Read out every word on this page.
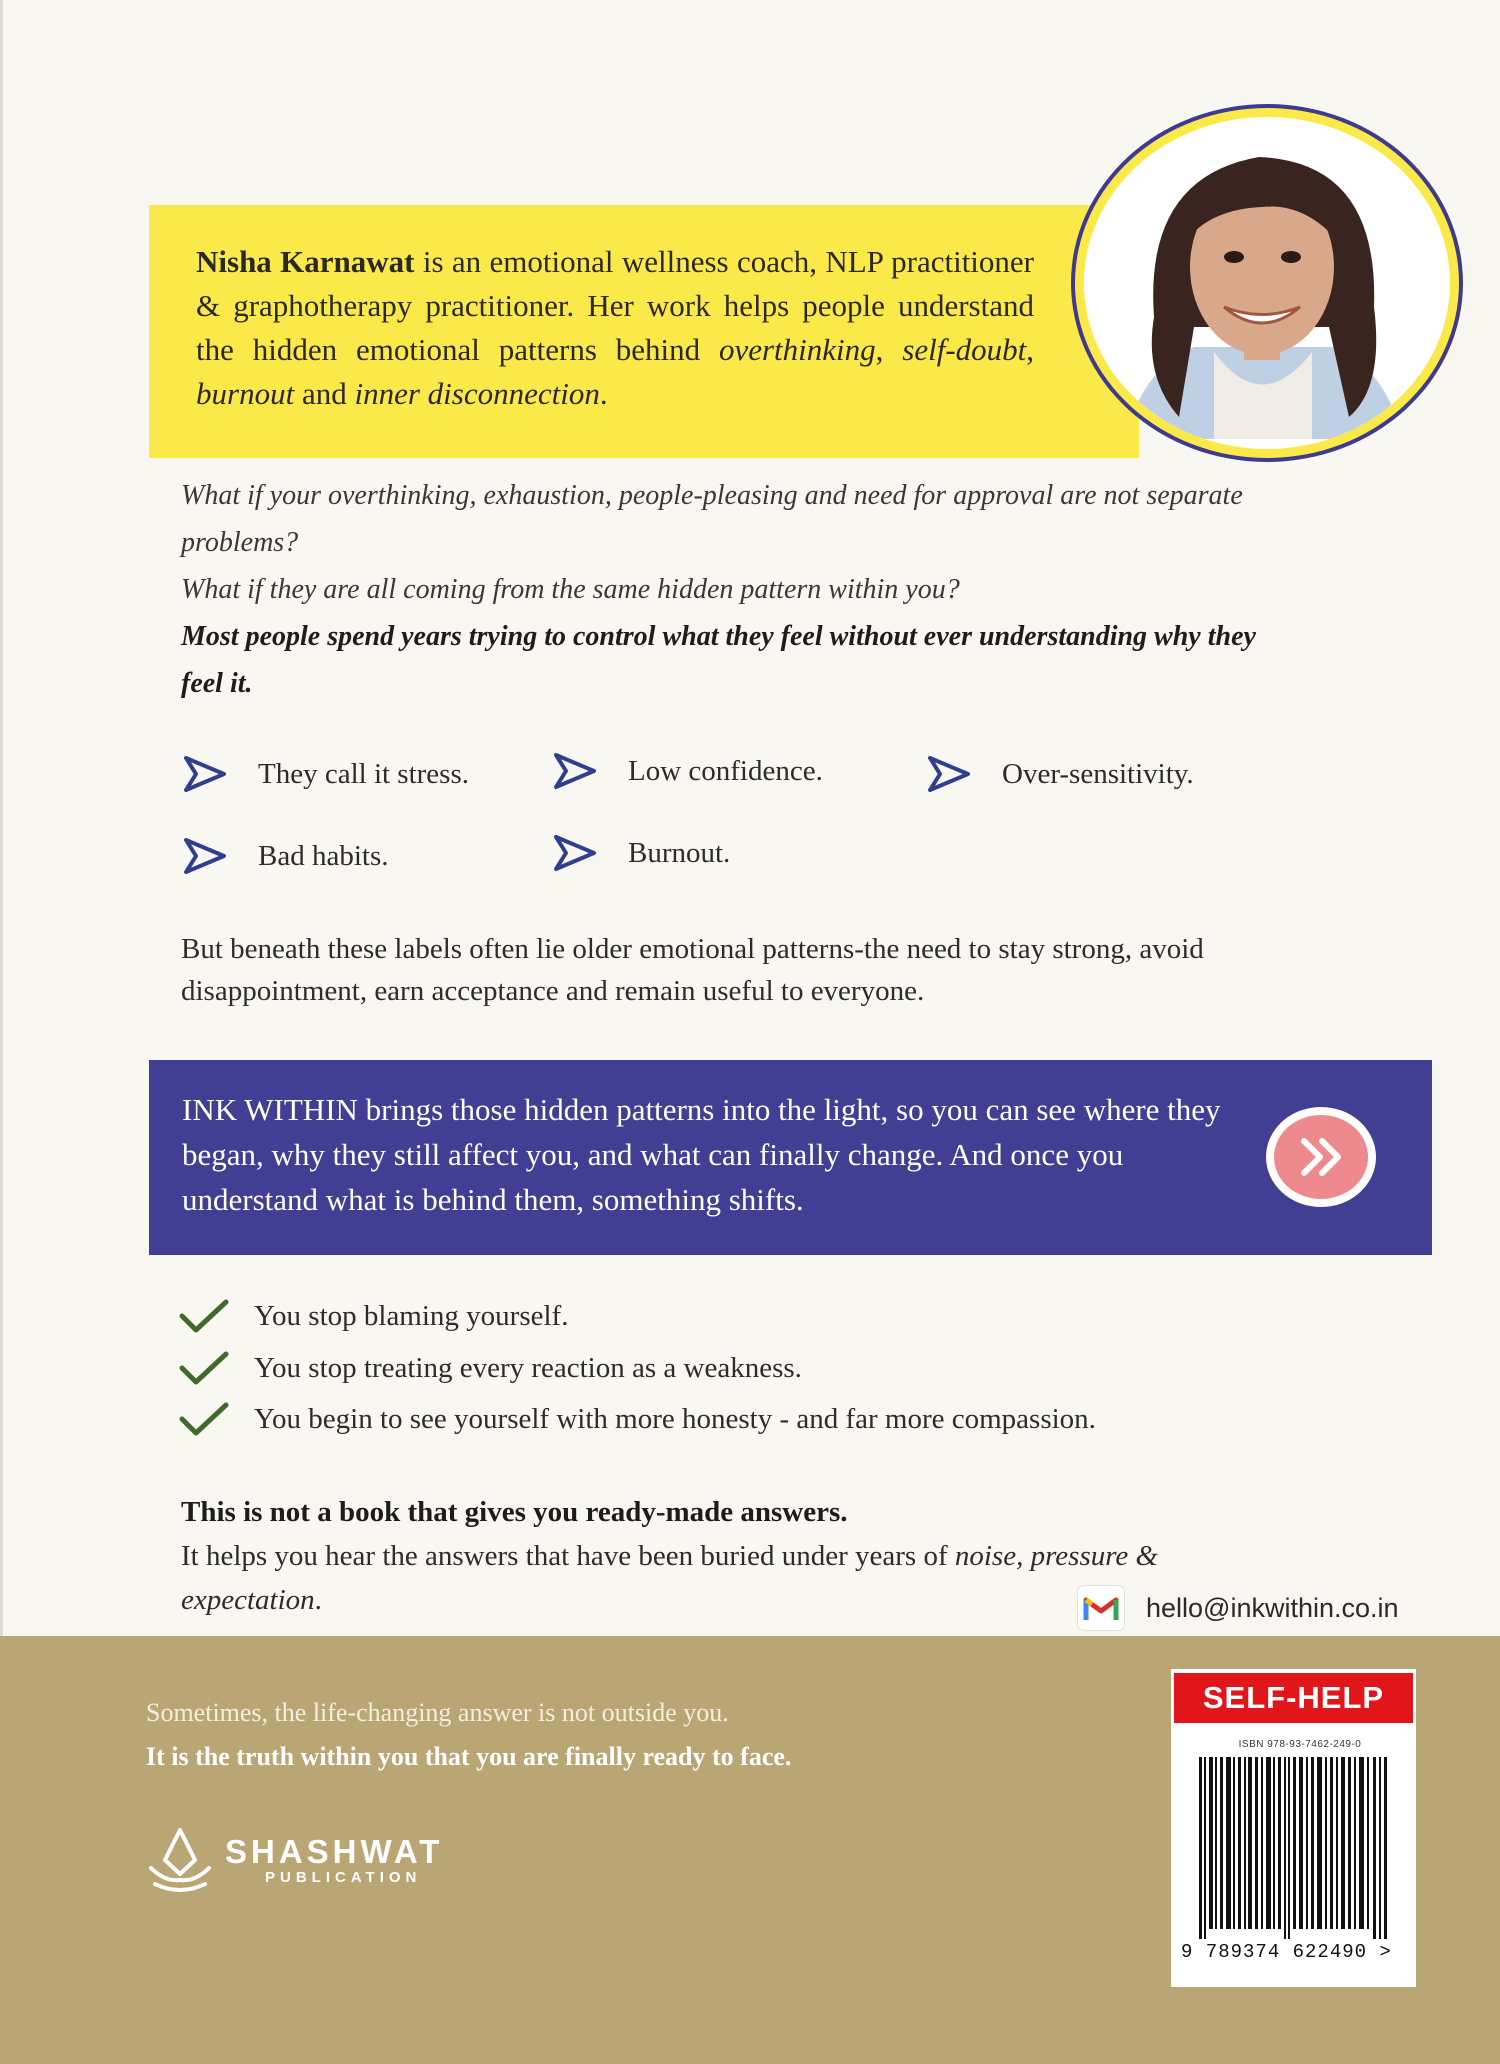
Nisha Karnawat is an emotional wellness coach, NLP practitioner & graphotherapy practitioner. Her work helps people understand the hidden emotional patterns behind overthinking, self-doubt, burnout and inner disconnection.
What if your overthinking, exhaustion, people-pleasing and need for approval are not separate problems?
What if they are all coming from the same hidden pattern within you?
Most people spend years trying to control what they feel without ever understanding why they feel it.
They call it stress.	Low confidence.	Over-sensitivity.
Bad habits.	Burnout.
But beneath these labels often lie older emotional patterns-the need to stay strong, avoid disappointment, earn acceptance and remain useful to everyone.
INK WITHIN brings those hidden patterns into the light, so you can see where they began, why they still affect you, and what can finally change. And once you understand what is behind them, something shifts.
You stop blaming yourself.
You stop treating every reaction as a weakness.
You begin to see yourself with more honesty - and far more compassion.
This is not a book that gives you ready-made answers.
It helps you hear the answers that have been buried under years of noise, pressure & expectation.	hello@inkwithin.co.in
Sometimes, the life-changing answer is not outside you.
It is the truth within you that you are finally ready to face.
SHASHWAT
PUBLICATION
SELF-HELP
ISBN 978-93-7462-249-0
9 789374 622490 >
